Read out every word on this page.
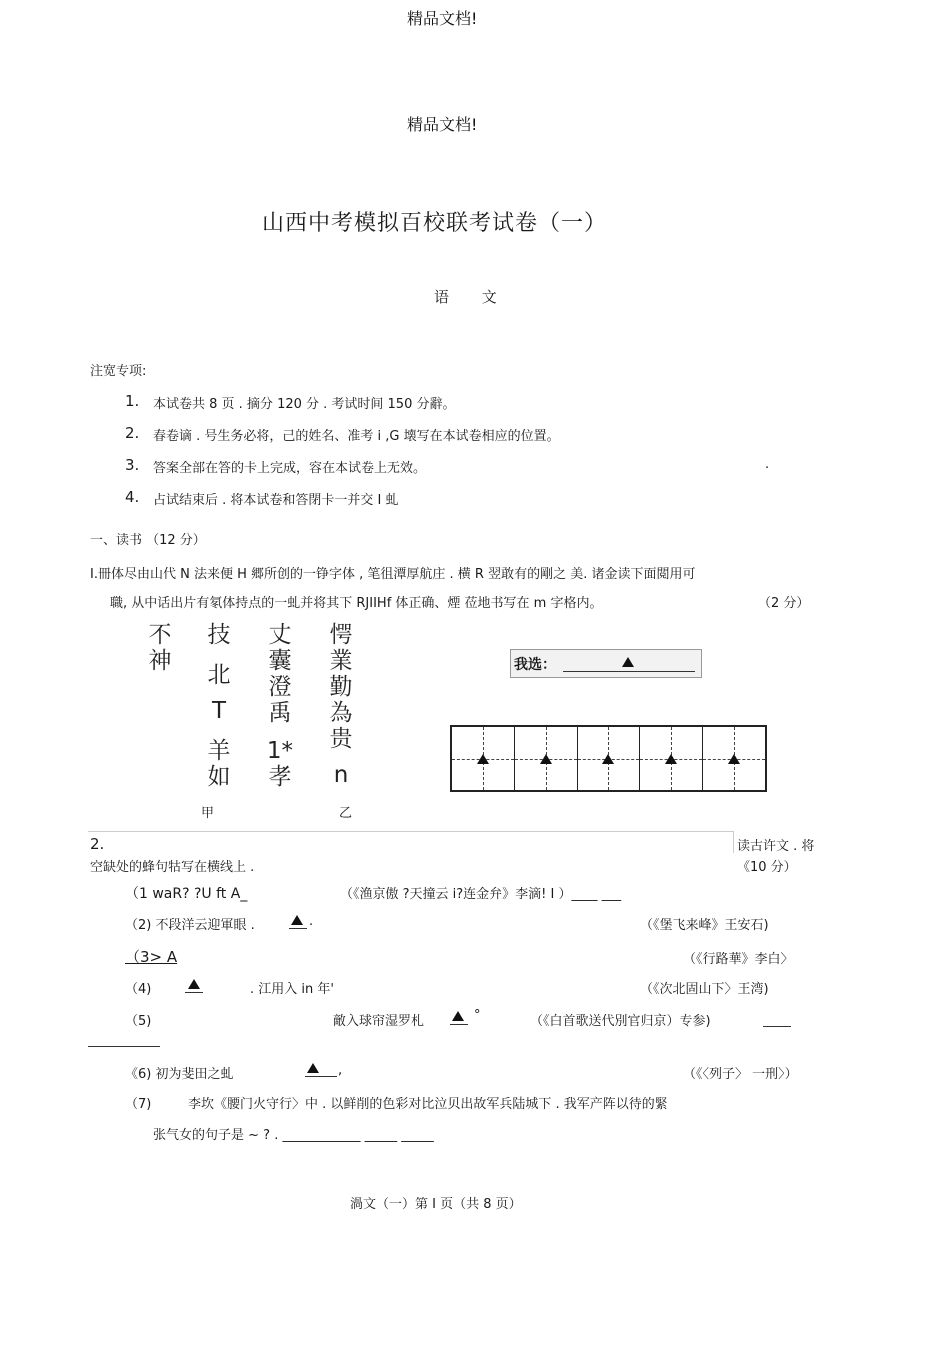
精品文档!
精品文档!
山西中考模拟百校联考试卷（一）
语 文
注宽专项:
1. 本试卷共 8 页 . 摘分 120 分 . 考试时间 150 分辭。
2. 春卷谪 . 号生务必将，己的姓名、准考 i ,G 壊写在本试卷相应的位置。
3. 答案全部在答的卡上完成，容在本试卷上无效。	.
4. 占试结束后 . 将本试卷和答閉卡一并交 I 虬
一、读书 （12 分）
I.冊体尽由山代 N 法来便 H 郷所创的一铮字体 , 笔徂潭厚航庄 . 横 R 翌敢有的剛之 美. 诸金读下面閲用可
職, 从中话出片有氡体持点的一虬并将其下 RJIIHf 体正确、煙 莅地书写在 m 字格内。	（2 分）
不
神
技
北
T
羊
如
丈
囊
澄
禹
1*
孝
愕
業
勤
為
贵
n
甲	乙
我选：
2.	读古许文 . 将
空缺处的蜂句牯写在横线上 .	《10 分）
（1 waR? ?U ft A_	（《渔京傲 ?天撞云 i?连金弁》李滴! I ）____ ___
（2) 不段洋云迎軍眼 .	.	（《堡飞来峰》王安石)
（3> A	（《行路華》李白〉
（4)	. 江用入 in 年'	（《次北固山下〉王湾)
（5)	敵入球帘湿罗札	°	（《白首歌送代別官归京）专参)
《6) 初为斐田之虬	,	（《〈列子〉 一刑〉）
（7)	李坎《腰门火守行〉中 . 以鲜削的色彩对比泣贝出故军兵陆城下 . 我军产阵以待的緊
张气女的句子是 ~ ? . ____________ _____ _____
渦文（一）第 I 页（共 8 页）
